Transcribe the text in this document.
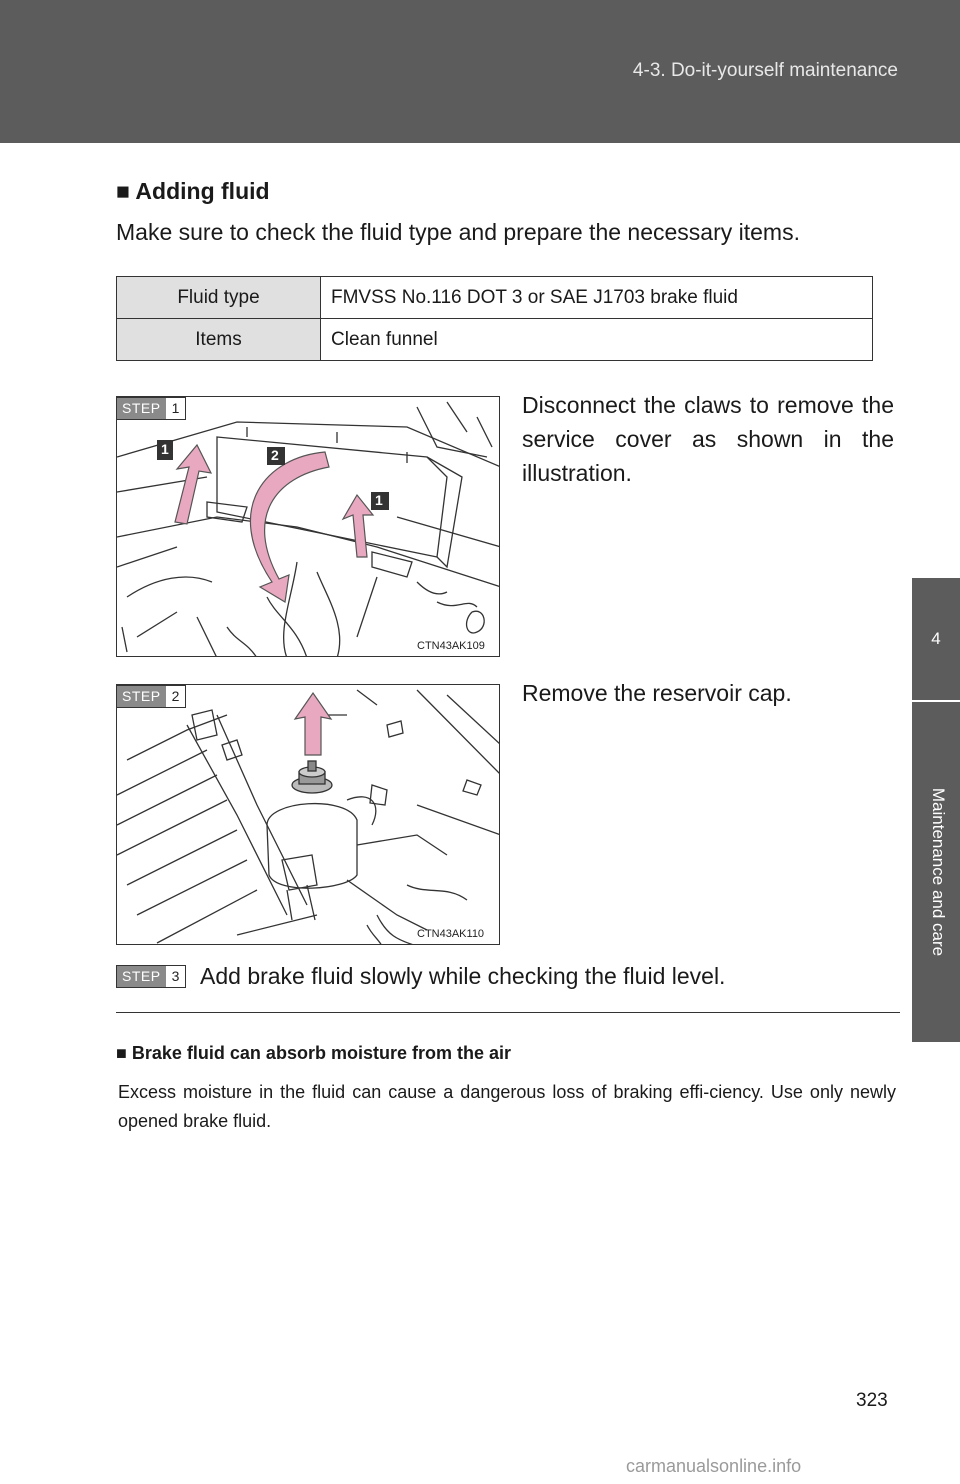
4-3. Do-it-yourself maintenance
4
Maintenance and care
■ Adding fluid
Make sure to check the fluid type and prepare the necessary items.
Fluid type	FMVSS No.116 DOT 3 or SAE J1703 brake fluid
Items	Clean funnel
1	2
1
CTN43AK109
STEP 1	Disconnect the claws to remove the service cover as shown in the illustration.
CTN43AK110
STEP 2	Remove the reservoir cap.
STEP 3 Add brake fluid slowly while checking the fluid level.
■ Brake fluid can absorb moisture from the air
Excess moisture in the fluid can cause a dangerous loss of braking effi-ciency. Use only newly opened brake fluid.
323
carmanualsonline.info
